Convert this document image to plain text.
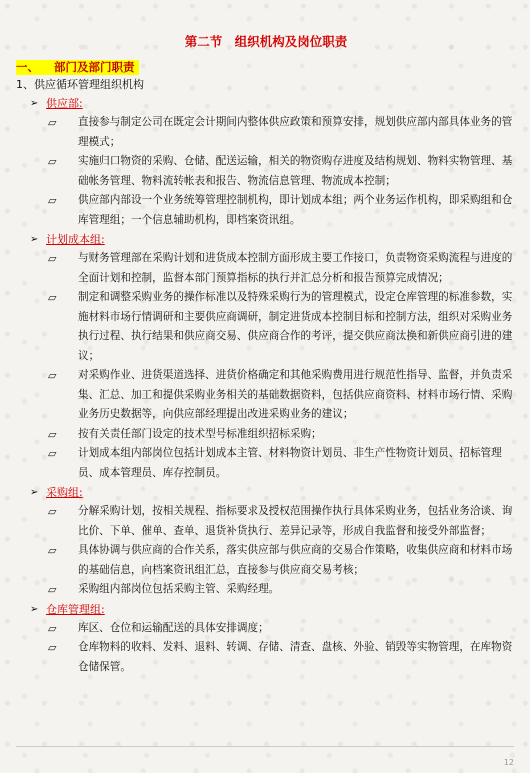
第二节　组织机构及岗位职责
一、 部门及部门职责
1、供应循环管理组织机构
➢ 供应部:
▱ 直接参与制定公司在既定会计期间内整体供应政策和预算安排，规划供应部内部具体业务的管理模式；
▱ 实施归口物资的采购、仓储、配送运输，相关的物资购存进度及结构规划、物料实物管理、基础帐务管理、物料流转帐表和报告、物流信息管理、物流成本控制；
▱ 供应部内部设一个业务统筹管理控制机构，即计划成本组；两个业务运作机构，即采购组和仓库管理组；一个信息辅助机构，即档案资讯组。
➢ 计划成本组:
▱ 与财务管理部在采购计划和进货成本控制方面形成主要工作接口，负责物资采购流程与进度的全面计划和控制，监督本部门预算指标的执行并汇总分析和报告预算完成情况；
▱ 制定和调整采购业务的操作标准以及特殊采购行为的管理模式，设定仓库管理的标准参数，实施材料市场行情调研和主要供应商调研，制定进货成本控制目标和控制方法，组织对采购业务执行过程、执行结果和供应商交易、供应商合作的考评，提交供应商汰换和新供应商引进的建议；
▱ 对采购作业、进货渠道选择、进货价格确定和其他采购费用进行规范性指导、监督，并负责采集、汇总、加工和提供采购业务相关的基础数据资料，包括供应商资料、材料市场行情、采购业务历史数据等，向供应部经理提出改进采购业务的建议；
▱ 按有关责任部门设定的技术型号标准组织招标采购；
▱ 计划成本组内部岗位包括计划成本主管、材料物资计划员、非生产性物资计划员、招标管理员、成本管理员、库存控制员。
➢ 采购组:
▱ 分解采购计划，按相关规程、指标要求及授权范围操作执行具体采购业务，包括业务洽谈、询比价、下单、催单、查单、退货补货执行、差异记录等，形成自我监督和接受外部监督；
▱ 具体协调与供应商的合作关系，落实供应部与供应商的交易合作策略，收集供应商和材料市场的基础信息，向档案资讯组汇总，直接参与供应商交易考核；
▱ 采购组内部岗位包括采购主管、采购经理。
➢ 仓库管理组:
▱ 库区、仓位和运输配送的具体安排调度；
▱ 仓库物料的收料、发料、退料、转调、存储、清查、盘核、外验、销毁等实物管理，在库物资仓储保管。
12
